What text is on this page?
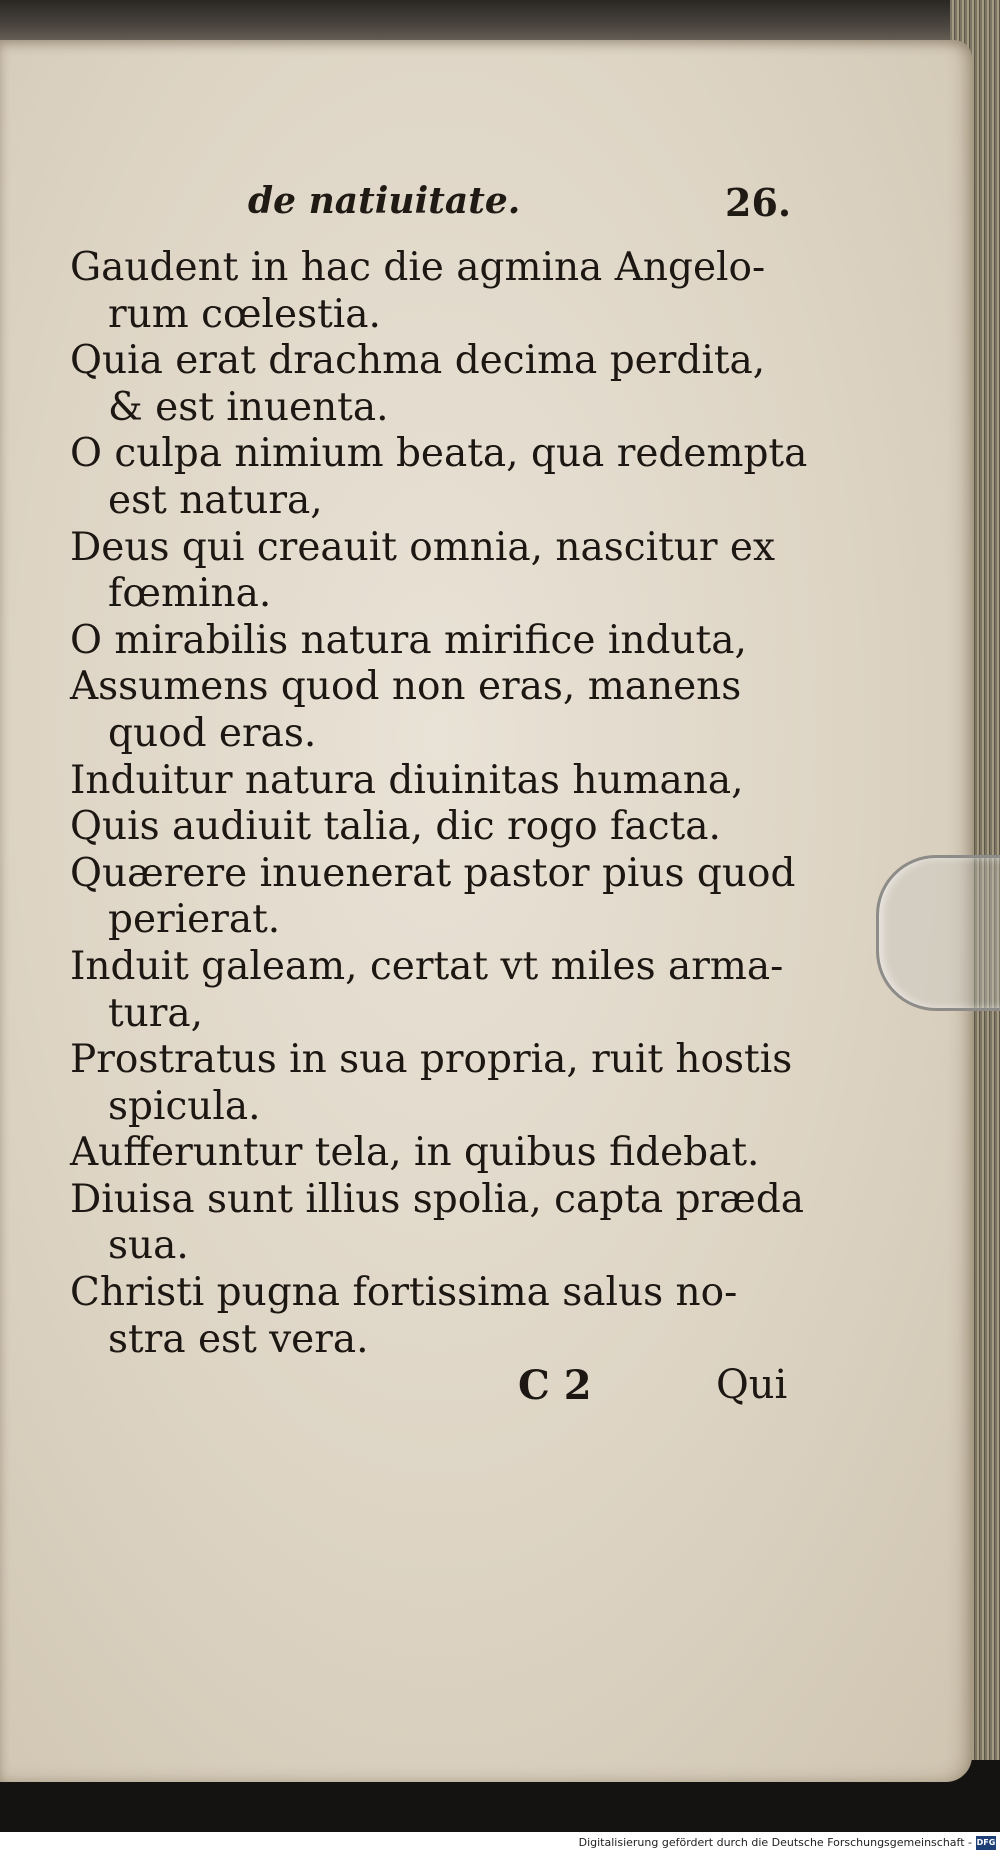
de natiuitate.	26.
Gaudent in hac die agmina Angelo-
rum cœlestia.
Quia erat drachma decima perdita,
& est inuenta.
O culpa nimium beata, qua redempta
est natura,
Deus qui creauit omnia, nascitur ex
fœmina.
O mirabilis natura mirifice induta,
Assumens quod non eras, manens
quod eras.
Induitur natura diuinitas humana,
Quis audiuit talia, dic rogo facta.
Quærere inuenerat pastor pius quod
perierat.
Induit galeam, certat vt miles arma-
tura,
Prostratus in sua propria, ruit hostis
spicula.
Aufferuntur tela, in quibus fidebat.
Diuisa sunt illius spolia, capta præda
sua.
Christi pugna fortissima salus no-
stra est vera.
C 2	Qui
Digitalisierung gefördert durch die Deutsche Forschungsgemeinschaft - DFG
